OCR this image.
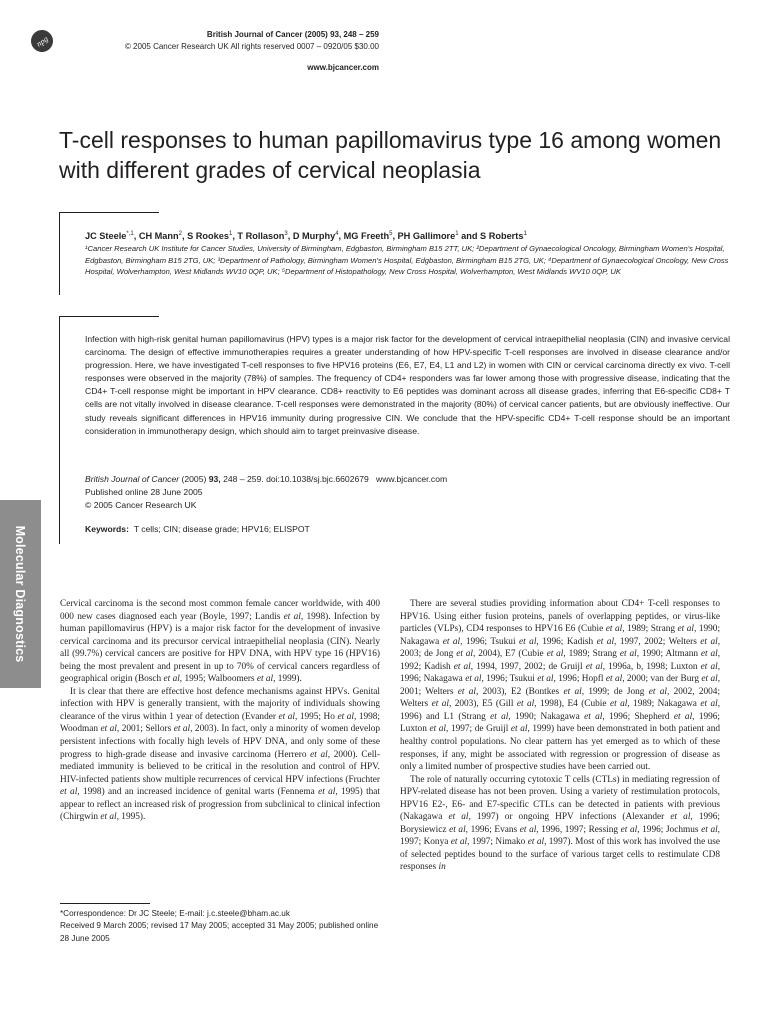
npg	British Journal of Cancer (2005) 93, 248 – 259
© 2005 Cancer Research UK All rights reserved 0007 – 0920/05 $30.00
www.bjcancer.com
T-cell responses to human papillomavirus type 16 among women with different grades of cervical neoplasia

JC Steele$^{*,1}$, CH Mann$^2$, S Rookes$^1$, T Rollason$^3$, D Murphy$^4$, MG Freeth$^5$, PH Gallimore$^1$ and S Roberts$^1$

¹Cancer Research UK Institute for Cancer Studies, University of Birmingham, Edgbaston, Birmingham B15 2TT, UK; ²Department of Gynaecological Oncology, Birmingham Women's Hospital, Edgbaston, Birmingham B15 2TG, UK; ³Department of Pathology, Birmingham Women's Hospital, Edgbaston, Birmingham B15 2TG, UK; ⁴Department of Gynaecological Oncology, New Cross Hospital, Wolverhampton, West Midlands WV10 0QP, UK; ⁵Department of Histopathology, New Cross Hospital, Wolverhampton, West Midlands WV10 0QP, UK

Infection with high-risk genital human papillomavirus (HPV) types is a major risk factor for the development of cervical intraepithelial neoplasia (CIN) and invasive cervical carcinoma. The design of effective immunotherapies requires a greater understanding of how HPV-specific T-cell responses are involved in disease clearance and/or progression. Here, we have investigated T-cell responses to five HPV16 proteins (E6, E7, E4, L1 and L2) in women with CIN or cervical carcinoma directly ex vivo. T-cell responses were observed in the majority (78%) of samples. The frequency of CD4+ responders was far lower among those with progressive disease, indicating that the CD4+ T-cell response might be important in HPV clearance. CD8+ reactivity to E6 peptides was dominant across all disease grades, inferring that E6-specific CD8+ T cells are not vitally involved in disease clearance. T-cell responses were demonstrated in the majority (80%) of cervical cancer patients, but are obviously ineffective. Our study reveals significant differences in HPV16 immunity during progressive CIN. We conclude that the HPV-specific CD4+ T-cell response should be an important consideration in immunotherapy design, which should aim to target preinvasive disease.

British Journal of Cancer (2005) 93, 248 – 259. doi:10.1038/sj.bjc.6602679 www.bjcancer.com

Published online 28 June 2005

© 2005 Cancer Research UK

Keywords: T cells; CIN; disease grade; HPV16; ELISPOT

Molecular Diagnostics	Cervical carcinoma is the second most common female cancer worldwide, with 400 000 new cases diagnosed each year (Boyle, 1997; Landis et al, 1998). Infection by human papillomavirus (HPV) is a major risk factor for the development of invasive cervical carcinoma and its precursor cervical intraepithelial neoplasia (CIN). Nearly all (99.7%) cervical cancers are positive for HPV DNA, with HPV type 16 (HPV16) being the most prevalent and present in up to 70% of cervical cancers regardless of geographical origin (Bosch et al, 1995; Walboomers et al, 1999).

It is clear that there are effective host defence mechanisms against HPVs. Genital infection with HPV is generally transient, with the majority of individuals showing clearance of the virus within 1 year of detection (Evander et al, 1995; Ho et al, 1998; Woodman et al, 2001; Sellors et al, 2003). In fact, only a minority of women develop persistent infections with focally high levels of HPV DNA, and only some of these progress to high-grade disease and invasive carcinoma (Herrero et al, 2000). Cell-mediated immunity is believed to be critical in the resolution and control of HPV. HIV-infected patients show multiple recurrences of cervical HPV infections (Fruchter et al, 1998) and an increased incidence of genital warts (Fennema et al, 1995) that appear to reflect an increased risk of progression from subclinical to clinical infection (Chirgwin et al, 1995).

There are several studies providing information about CD4+ T-cell responses to HPV16. Using either fusion proteins, panels of overlapping peptides, or virus-like particles (VLPs), CD4 responses to HPV16 E6 (Cubie et al, 1989; Strang et al, 1990; Nakagawa et al, 1996; Tsukui et al, 1996; Kadish et al, 1997, 2002; Welters et al, 2003; de Jong et al, 2004), E7 (Cubie et al, 1989; Strang et al, 1990; Altmann et al, 1992; Kadish et al, 1994, 1997, 2002; de Gruijl et al, 1996a, b, 1998; Luxton et al, 1996; Nakagawa et al, 1996; Tsukui et al, 1996; Hopfl et al, 2000; van der Burg et al, 2001; Welters et al, 2003), E2 (Bontkes et al, 1999; de Jong et al, 2002, 2004; Welters et al, 2003), E5 (Gill et al, 1998), E4 (Cubie et al, 1989; Nakagawa et al, 1996) and L1 (Strang et al, 1990; Nakagawa et al, 1996; Shepherd et al, 1996; Luxton et al, 1997; de Gruijl et al, 1999) have been demonstrated in both patient and healthy control populations. No clear pattern has yet emerged as to which of these responses, if any, might be associated with regression or progression of disease as only a limited number of prospective studies have been carried out.

The role of naturally occurring cytotoxic T cells (CTLs) in mediating regression of HPV-related disease has not been proven. Using a variety of restimulation protocols, HPV16 E2-, E6- and E7-specific CTLs can be detected in patients with previous (Nakagawa et al, 1997) or ongoing HPV infections (Alexander et al, 1996; Borysiewicz et al, 1996; Evans et al, 1996, 1997; Ressing et al, 1996; Jochmus et al, 1997; Konya et al, 1997; Nimako et al, 1997). Most of this work has involved the use of selected peptides bound to the surface of various target cells to restimulate CD8 responses in

*Correspondence: Dr JC Steele; E-mail: j.c.steele@bham.ac.uk
Received 9 March 2005; revised 17 May 2005; accepted 31 May 2005; published online 28 June 2005
